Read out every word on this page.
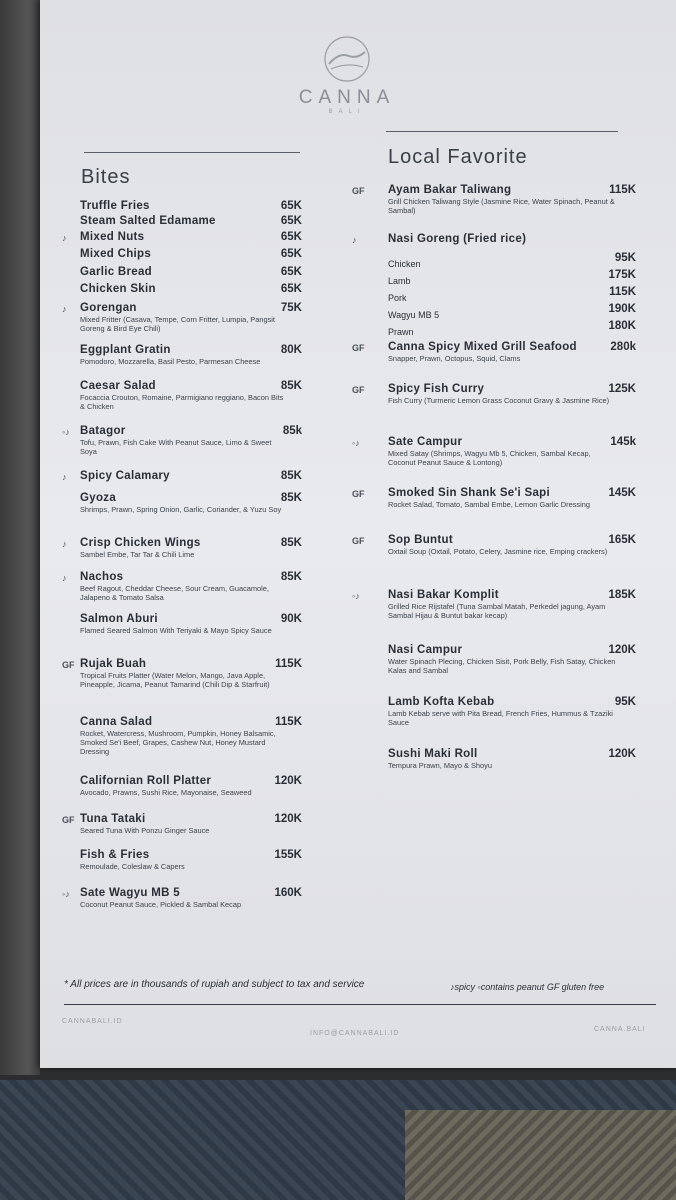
CANNA
BALI
Bites
Local Favorite
Truffle Fries	65K
Steam Salted Edamame	65K
Mixed Nuts	65K
♪
Mixed Chips	65K
Garlic Bread	65K
Chicken Skin	65K
Gorengan	75K
♪
Mixed Fritter (Casava, Tempe, Corn Fritter, Lumpia, Pangsit Goreng & Bird Eye Chili)
Eggplant Gratin	80K
Pomodoro, Mozzarella, Basil Pesto, Parmesan Cheese
Caesar Salad	85K
Focaccia Crouton, Romaine, Parmigiano reggiano, Bacon Bits & Chicken
Batagor	85k
◦♪
Tofu, Prawn, Fish Cake With Peanut Sauce, Limo & Sweet Soya
Spicy Calamary	85K
♪
Gyoza	85K
Shrimps, Prawn, Spring Onion, Garlic, Coriander, & Yuzu Soy
Crisp Chicken Wings	85K
♪
Sambel Embe, Tar Tar & Chili Lime
Nachos	85K
♪
Beef Ragout, Cheddar Cheese, Sour Cream, Guacamole, Jalapeno & Tomato Salsa
Salmon Aburi	90K
Flamed Seared Salmon With Teriyaki & Mayo Spicy Sauce
Rujak Buah	115K
GF
Tropical Fruits Platter (Water Melon, Mango, Java Apple, Pineapple, Jicama, Peanut Tamarind (Chili Dip & Starfruit)
Canna Salad	115K
Rocket, Watercress, Mushroom, Pumpkin, Honey Balsamic, Smoked Se'i Beef, Grapes, Cashew Nut, Honey Mustard Dressing
Californian Roll Platter	120K
Avocado, Prawns, Sushi Rice, Mayonaise, Seaweed
Tuna Tataki	120K
GF
Seared Tuna With Ponzu Ginger Sauce
Fish & Fries	155K
Remoulade, Coleslaw & Capers
Sate Wagyu MB 5	160K
◦♪
Coconut Peanut Sauce, Pickled & Sambal Kecap
Ayam Bakar Taliwang	115K
GF
Grill Chicken Taliwang Style (Jasmine Rice, Water Spinach, Peanut & Sambal)
Nasi Goreng (Fried rice)
♪
Chicken	95K
Lamb	175K
Pork	115K
Wagyu MB 5	190K
Prawn	180K
Canna Spicy Mixed Grill Seafood	280k
GF
Snapper, Prawn, Octopus, Squid, Clams
Spicy Fish Curry	125K
GF
Fish Curry (Turmeric Lemon Grass Coconut Gravy & Jasmine Rice)
Sate Campur	145k
◦♪
Mixed Satay (Shrimps, Wagyu Mb 5, Chicken, Sambal Kecap, Coconut Peanut Sauce & Lontong)
Smoked Sin Shank Se'i Sapi	145K
GF
Rocket Salad, Tomato, Sambal Embe, Lemon Garlic Dressing
Sop Buntut	165K
GF
Oxtail Soup (Oxtail, Potato, Celery, Jasmine rice, Emping crackers)
Nasi Bakar Komplit	185K
◦♪
Grilled Rice Rijstafel (Tuna Sambal Matah, Perkedel jagung, Ayam Sambal Hijau & Buntut bakar kecap)
Nasi Campur	120K
Water Spinach Plecing, Chicken Sisit, Pork Belly, Fish Satay, Chicken Kalas and Sambal
Lamb Kofta Kebab	95K
Lamb Kebab serve with Pita Bread, French Fries, Hummus & Tzaziki Sauce
Sushi Maki Roll	120K
Tempura Prawn, Mayo & Shoyu
* All prices are in thousands of rupiah and subject to tax and service	♪spicy ◦contains peanut GF gluten free
CANNABALI.ID
INFO@CANNABALI.ID
CANNA.BALI
